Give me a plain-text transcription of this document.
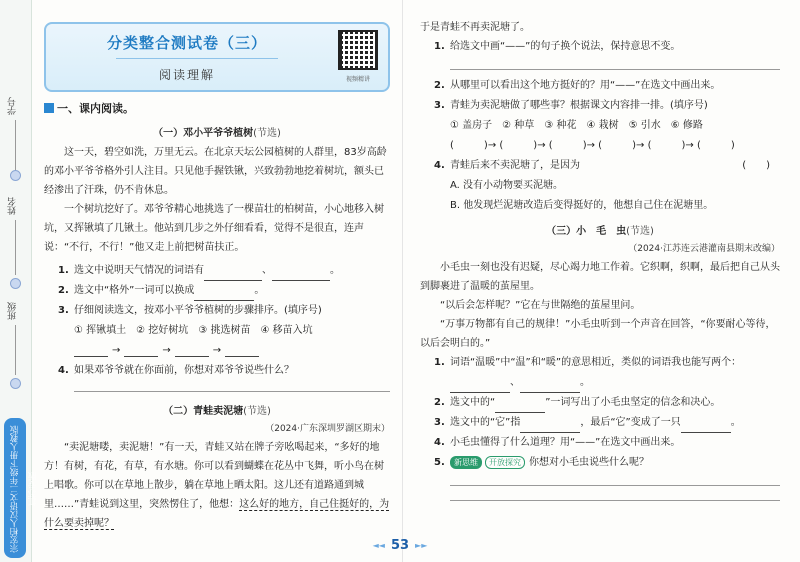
学号
姓名
班级
宗宏柏人汉语文二年级下册人教版江苏专版
分类整合测试卷（三）
阅读理解	视频精讲
一、课内阅读。
（一）邓小平爷爷植树(节选)

这一天，碧空如洗，万里无云。在北京天坛公园植树的人群里，83岁高龄的邓小平爷爷格外引人注目。只见他手握铁锹，兴致勃勃地挖着树坑，额头已经渗出了汗珠，仍不肯休息。

一个树坑挖好了。邓爷爷精心地挑选了一棵苗壮的柏树苗，小心地移入树坑，又挥锹填了几锹土。他站到几步之外仔细看看，觉得不是很直，连声说：“不行，不行！”他又走上前把树苗扶正。

1. 选文中说明天气情况的词语有	、	。
2. 选文中“格外”一词可以换成	。
3. 仔细阅读选文，按邓小平爷爷植树的步骤排序。(填序号)
① 挥锹填土 ② 挖好树坑 ③ 挑选树苗 ④ 移苗入坑
→	→	→
4. 如果邓爷爷就在你面前，你想对邓爷爷说些什么？
（二）青蛙卖泥塘(节选)
（2024·广东深圳罗湖区期末）

“卖泥塘喽，卖泥塘！”有一天，青蛙又站在牌子旁吆喝起来，“多好的地方！有树，有花，有草，有水塘。你可以看到蝴蝶在花丛中飞舞，听小鸟在树上唱歌。你可以在草地上散步，躺在草地上晒太阳。这儿还有道路通到城里……”青蛙说到这里，突然愣住了，他想：这么好的地方，自己住挺好的，为什么要卖掉呢？

于是青蛙不再卖泥塘了。

1. 给选文中画“——”的句子换个说法，保持意思不变。
2. 从哪里可以看出这个地方挺好的？用“——”在选文中画出来。
3. 青蛙为卖泥塘做了哪些事？根据课文内容排一排。(填序号)
① 盖房子 ② 种草 ③ 种花 ④ 栽树 ⑤ 引水 ⑥ 修路
(	)→ (	)→ (	)→ (	)→ (	)→ (	)
4. 青蛙后来不卖泥塘了，是因为	(　　)
A. 没有小动物要买泥塘。
B. 他发现烂泥塘改造后变得挺好的，他想自己住在泥塘里。
（三）小　毛　虫(节选)
（2024·江苏连云港灌南县期末改编）

小毛虫一刻也没有迟疑，尽心竭力地工作着。它织啊，织啊，最后把自己从头到脚裹进了温暖的茧屋里。

“以后会怎样呢？”它在与世隔绝的茧屋里问。

“万事万物都有自己的规律！”小毛虫听到一个声音在回答，“你要耐心等待，以后会明白的。”

1. 词语“温暖”中“温”和“暖”的意思相近，类似的词语我也能写两个：
、	。
2. 选文中的“	”一词写出了小毛虫坚定的信念和决心。
3. 选文中的“它”指	，最后“它”变成了一只	。
4. 小毛虫懂得了什么道理？用“——”在选文中画出来。
5.	新思维 开放探究 你想对小毛虫说些什么呢？
◄◄ 53 ►►
